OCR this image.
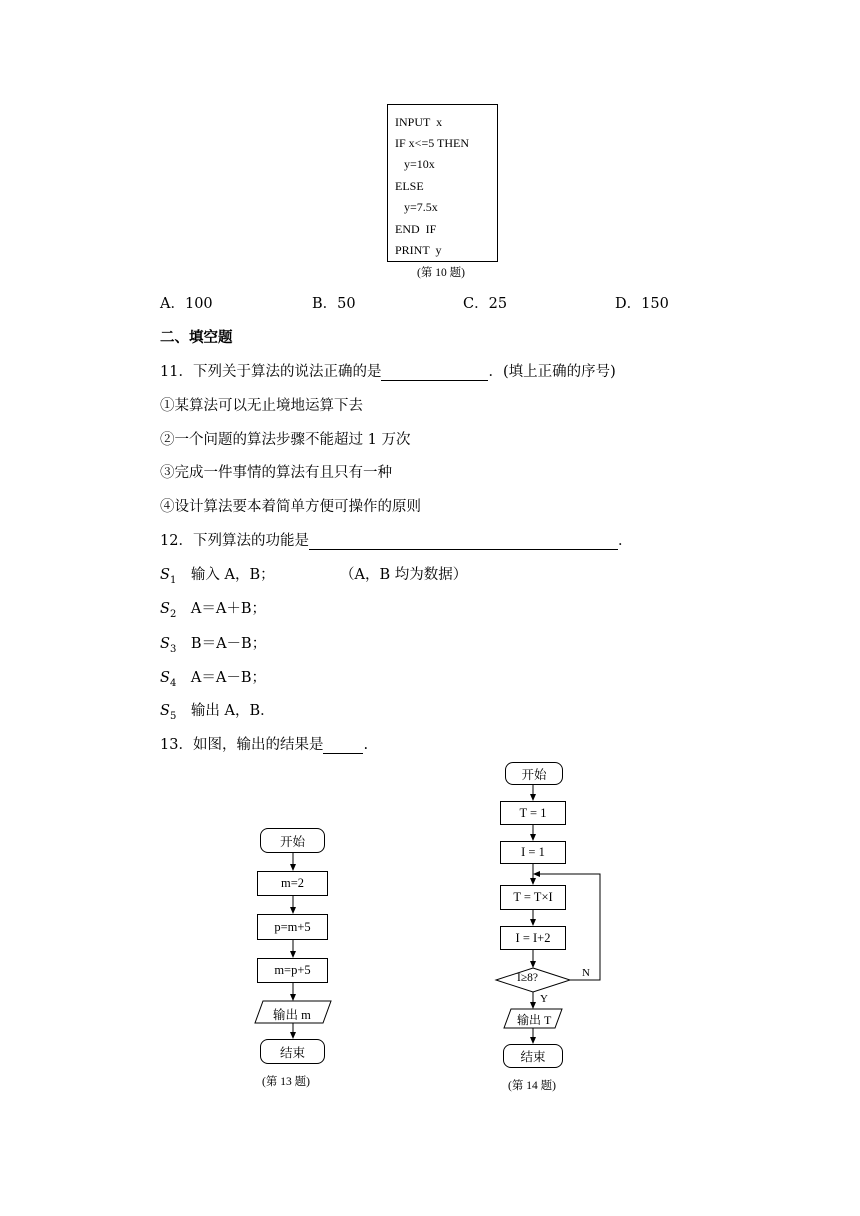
INPUT  x
IF x<=5 THEN
y=10x
ELSE
y=7.5x
END  IF
PRINT  y
(第 10 题)
A．100	B．50	C．25	D．150
二、填空题
11．下列关于算法的说法正确的是	．(填上正确的序号)
①某算法可以无止境地运算下去
②一个问题的算法步骤不能超过 1 万次
③完成一件事情的算法有且只有一种
④设计算法要本着简单方便可操作的原则
12．下列算法的功能是	．
$S_1$ 输入 A，B；	（A，B 均为数据）
$S_2$ A＝A＋B；
$S_3$ B＝A－B；
$S_4$ A＝A－B；
$S_5$ 输出 A，B．
13．如图，输出的结果是	.
开始
m=2
p=m+5
m=p+5
输出 m
结束
(第 13 题)
开始
T = 1
I = 1
T = T×I
I = I+2
I≥8?
输出 T
结束
Y
N
(第 14 题)
